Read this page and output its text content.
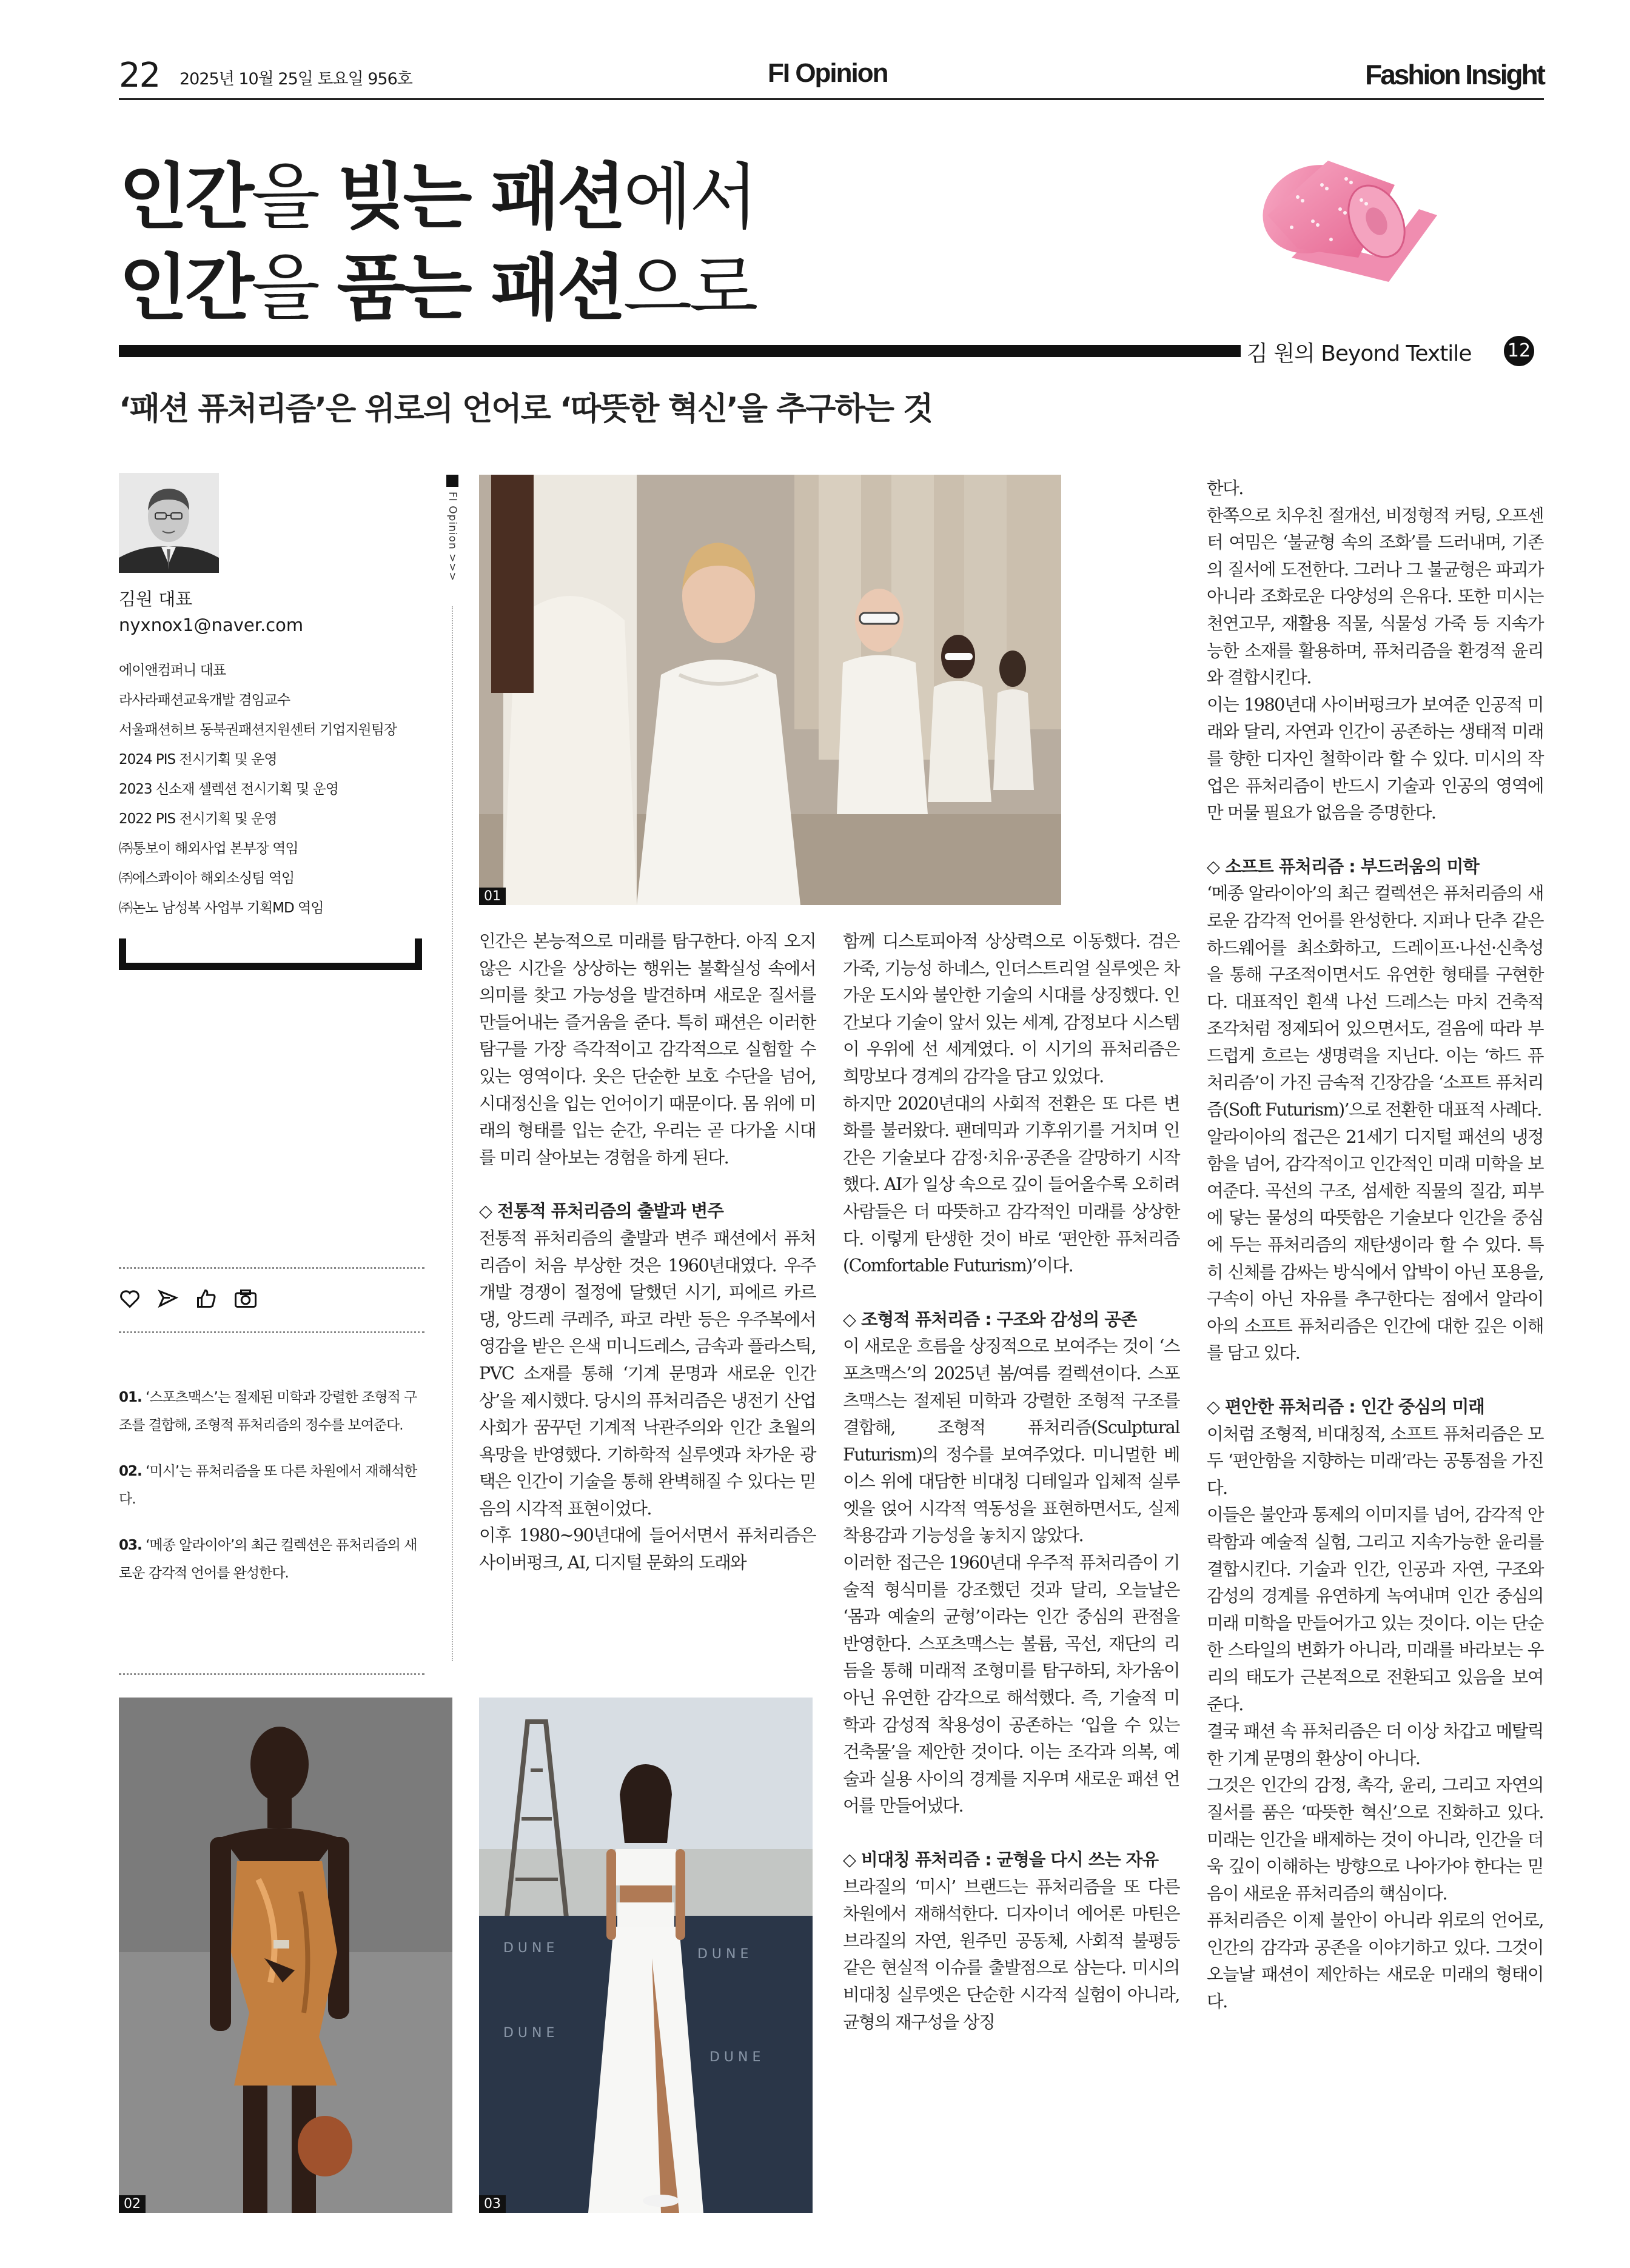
22 2025년 10월 25일 토요일 956호	FI Opinion	Fashion Insight
인간을 빚는 패션에서
인간을 품는 패션으로
김 원의 Beyond Textile 12
‘패션 퓨처리즘’은 위로의 언어로 ‘따뜻한 혁신’을 추구하는 것
김원 대표
nyxnox1@naver.com
에이앤컴퍼니 대표
라사라패션교육개발 겸임교수
서울패션허브 동북권패션지원센터 기업지원팀장
2024 PIS 전시기획 및 운영
2023 신소재 셀렉션 전시기획 및 운영
2022 PIS 전시기획 및 운영
㈜통보이 해외사업 본부장 역임
㈜에스콰이아 해외소싱팀 역임
㈜논노 남성복 사업부 기획MD 역임

01. ‘스포츠맥스’는 절제된 미학과 강렬한 조형적 구조를 결합해, 조형적 퓨처리즘의 정수를 보여준다.

02. ‘미시’는 퓨처리즘을 또 다른 차원에서 재해석한다.

03. ‘메종 알라이아’의 최근 컬렉션은 퓨처리즘의 새로운 감각적 언어를 완성한다.

FI Opinion >>>
01
02
D U N E	D U N E
D U N E
D U N E
03

인간은 본능적으로 미래를 탐구한다. 아직 오지 않은 시간을 상상하는 행위는 불확실성 속에서 의미를 찾고 가능성을 발견하며 새로운 질서를 만들어내는 즐거움을 준다. 특히 패션은 이러한 탐구를 가장 즉각적이고 감각적으로 실험할 수 있는 영역이다. 옷은 단순한 보호 수단을 넘어, 시대정신을 입는 언어이기 때문이다. 몸 위에 미래의 형태를 입는 순간, 우리는 곧 다가올 시대를 미리 살아보는 경험을 하게 된다.

◇ 전통적 퓨처리즘의 출발과 변주

전통적 퓨처리즘의 출발과 변주 패션에서 퓨처리즘이 처음 부상한 것은 1960년대였다. 우주 개발 경쟁이 절정에 달했던 시기, 피에르 카르댕, 앙드레 쿠레주, 파코 라반 등은 우주복에서 영감을 받은 은색 미니드레스, 금속과 플라스틱, PVC 소재를 통해 ‘기계 문명과 새로운 인간상’을 제시했다. 당시의 퓨처리즘은 냉전기 산업사회가 꿈꾸던 기계적 낙관주의와 인간 초월의 욕망을 반영했다. 기하학적 실루엣과 차가운 광택은 인간이 기술을 통해 완벽해질 수 있다는 믿음의 시각적 표현이었다.

이후 1980~90년대에 들어서면서 퓨처리즘은 사이버펑크, AI, 디지털 문화의 도래와

함께 디스토피아적 상상력으로 이동했다. 검은 가죽, 기능성 하네스, 인더스트리얼 실루엣은 차가운 도시와 불안한 기술의 시대를 상징했다. 인간보다 기술이 앞서 있는 세계, 감정보다 시스템이 우위에 선 세계였다. 이 시기의 퓨처리즘은 희망보다 경계의 감각을 담고 있었다.

하지만 2020년대의 사회적 전환은 또 다른 변화를 불러왔다. 팬데믹과 기후위기를 거치며 인간은 기술보다 감정·치유·공존을 갈망하기 시작했다. AI가 일상 속으로 깊이 들어올수록 오히려 사람들은 더 따뜻하고 감각적인 미래를 상상한다. 이렇게 탄생한 것이 바로 ‘편안한 퓨처리즘(Comfortable Futurism)’이다.

◇ 조형적 퓨처리즘 : 구조와 감성의 공존

이 새로운 흐름을 상징적으로 보여주는 것이 ‘스포츠맥스’의 2025년 봄/여름 컬렉션이다. 스포츠맥스는 절제된 미학과 강렬한 조형적 구조를 결합해, 조형적 퓨처리즘(Sculptural Futurism)의 정수를 보여주었다. 미니멀한 베이스 위에 대담한 비대칭 디테일과 입체적 실루엣을 얹어 시각적 역동성을 표현하면서도, 실제 착용감과 기능성을 놓치지 않았다.

이러한 접근은 1960년대 우주적 퓨처리즘이 기술적 형식미를 강조했던 것과 달리, 오늘날은 ‘몸과 예술의 균형’이라는 인간 중심의 관점을 반영한다. 스포츠맥스는 볼륨, 곡선, 재단의 리듬을 통해 미래적 조형미를 탐구하되, 차가움이 아닌 유연한 감각으로 해석했다. 즉, 기술적 미학과 감성적 착용성이 공존하는 ‘입을 수 있는 건축물’을 제안한 것이다. 이는 조각과 의복, 예술과 실용 사이의 경계를 지우며 새로운 패션 언어를 만들어냈다.

◇ 비대칭 퓨처리즘 : 균형을 다시 쓰는 자유

브라질의 ‘미시’ 브랜드는 퓨처리즘을 또 다른 차원에서 재해석한다. 디자이너 에어론 마틴은 브라질의 자연, 원주민 공동체, 사회적 불평등 같은 현실적 이슈를 출발점으로 삼는다. 미시의 비대칭 실루엣은 단순한 시각적 실험이 아니라, 균형의 재구성을 상징

한다.

한쪽으로 치우친 절개선, 비정형적 커팅, 오프센터 여밈은 ‘불균형 속의 조화’를 드러내며, 기존의 질서에 도전한다. 그러나 그 불균형은 파괴가 아니라 조화로운 다양성의 은유다. 또한 미시는 천연고무, 재활용 직물, 식물성 가죽 등 지속가능한 소재를 활용하며, 퓨처리즘을 환경적 윤리와 결합시킨다.

이는 1980년대 사이버펑크가 보여준 인공적 미래와 달리, 자연과 인간이 공존하는 생태적 미래를 향한 디자인 철학이라 할 수 있다. 미시의 작업은 퓨처리즘이 반드시 기술과 인공의 영역에만 머물 필요가 없음을 증명한다.

◇ 소프트 퓨처리즘 : 부드러움의 미학

‘메종 알라이아’의 최근 컬렉션은 퓨처리즘의 새로운 감각적 언어를 완성한다. 지퍼나 단추 같은 하드웨어를 최소화하고, 드레이프·나선·신축성을 통해 구조적이면서도 유연한 형태를 구현한다. 대표적인 흰색 나선 드레스는 마치 건축적 조각처럼 정제되어 있으면서도, 걸음에 따라 부드럽게 흐르는 생명력을 지닌다. 이는 ‘하드 퓨처리즘’이 가진 금속적 긴장감을 ‘소프트 퓨처리즘(Soft Futurism)’으로 전환한 대표적 사례다.

알라이아의 접근은 21세기 디지털 패션의 냉정함을 넘어, 감각적이고 인간적인 미래 미학을 보여준다. 곡선의 구조, 섬세한 직물의 질감, 피부에 닿는 물성의 따뜻함은 기술보다 인간을 중심에 두는 퓨처리즘의 재탄생이라 할 수 있다. 특히 신체를 감싸는 방식에서 압박이 아닌 포용을, 구속이 아닌 자유를 추구한다는 점에서 알라이아의 소프트 퓨처리즘은 인간에 대한 깊은 이해를 담고 있다.

◇ 편안한 퓨처리즘 : 인간 중심의 미래

이처럼 조형적, 비대칭적, 소프트 퓨처리즘은 모두 ‘편안함을 지향하는 미래’라는 공통점을 가진다.

이들은 불안과 통제의 이미지를 넘어, 감각적 안락함과 예술적 실험, 그리고 지속가능한 윤리를 결합시킨다. 기술과 인간, 인공과 자연, 구조와 감성의 경계를 유연하게 녹여내며 인간 중심의 미래 미학을 만들어가고 있는 것이다. 이는 단순한 스타일의 변화가 아니라, 미래를 바라보는 우리의 태도가 근본적으로 전환되고 있음을 보여준다.

결국 패션 속 퓨처리즘은 더 이상 차갑고 메탈릭한 기계 문명의 환상이 아니다.

그것은 인간의 감정, 촉각, 윤리, 그리고 자연의 질서를 품은 ‘따뜻한 혁신’으로 진화하고 있다. 미래는 인간을 배제하는 것이 아니라, 인간을 더욱 깊이 이해하는 방향으로 나아가야 한다는 믿음이 새로운 퓨처리즘의 핵심이다.

퓨처리즘은 이제 불안이 아니라 위로의 언어로, 인간의 감각과 공존을 이야기하고 있다. 그것이 오늘날 패션이 제안하는 새로운 미래의 형태이다.
